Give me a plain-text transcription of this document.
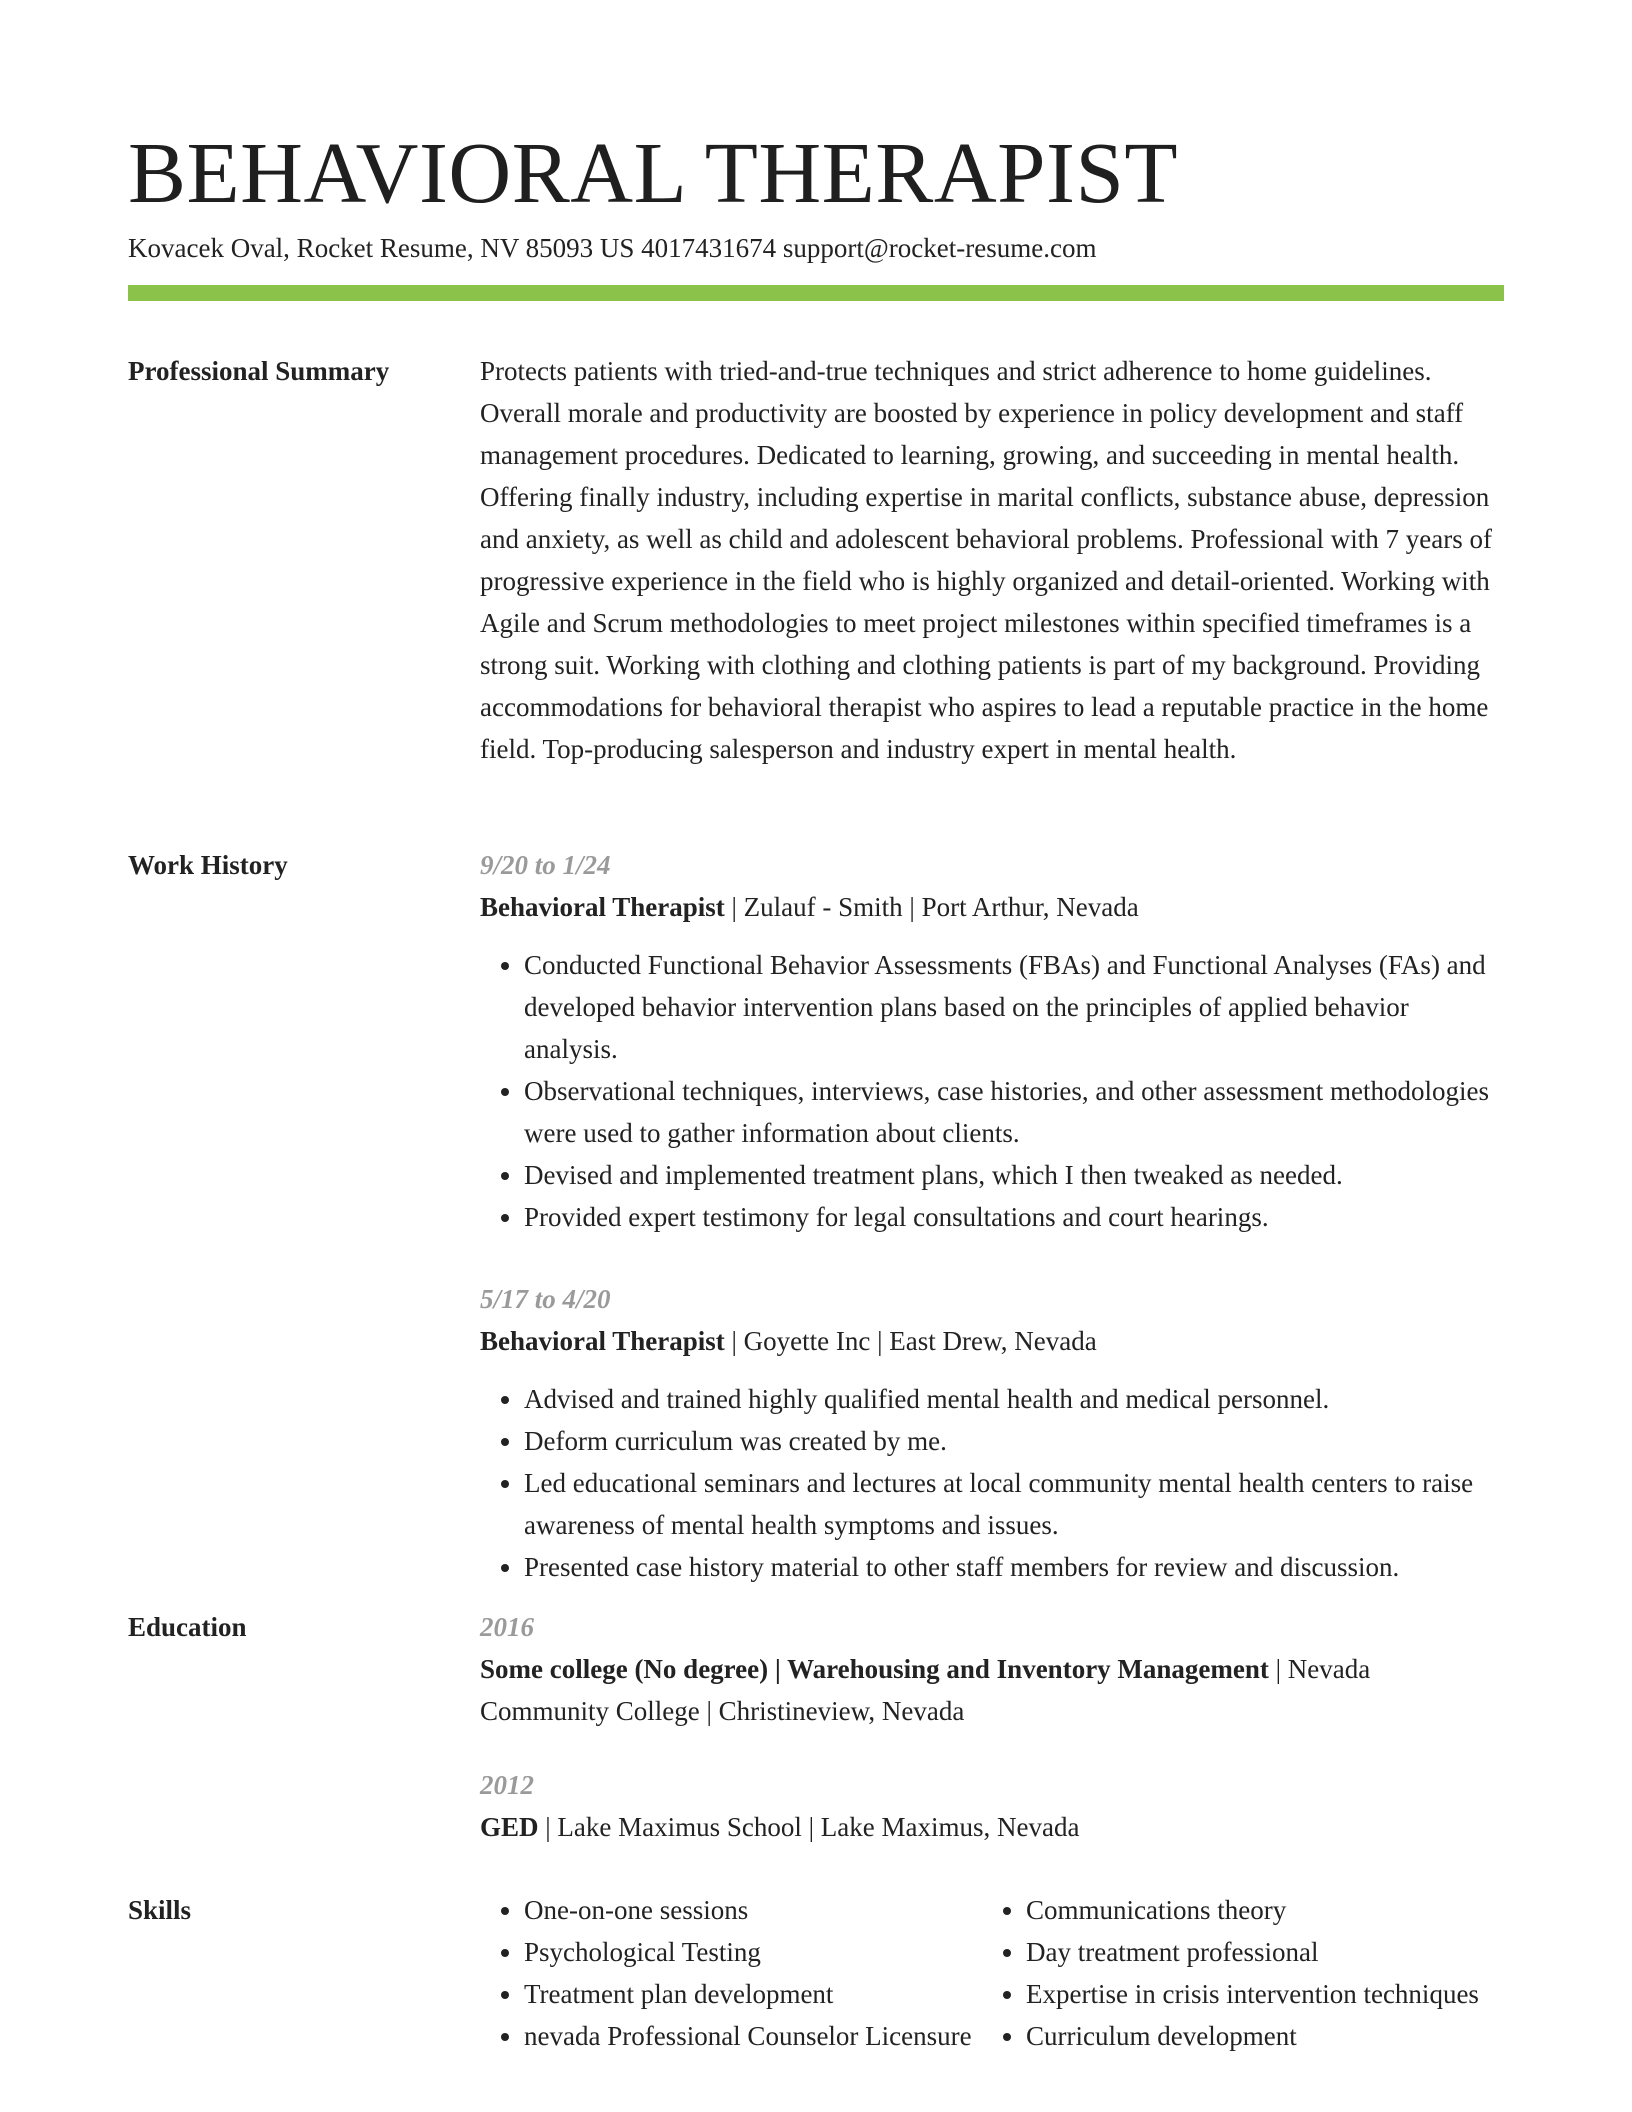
BEHAVIORAL THERAPIST
Kovacek Oval, Rocket Resume, NV 85093 US 4017431674 support@rocket-resume.com
Professional Summary	Protects patients with tried-and-true techniques and strict adherence to home guidelines. Overall morale and productivity are boosted by experience in policy development and staff management procedures. Dedicated to learning, growing, and succeeding in mental health. Offering finally industry, including expertise in marital conflicts, substance abuse, depression and anxiety, as well as child and adolescent behavioral problems. Professional with 7 years of progressive experience in the field who is highly organized and detail-oriented. Working with Agile and Scrum methodologies to meet project milestones within specified timeframes is a strong suit. Working with clothing and clothing patients is part of my background. Providing accommodations for behavioral therapist who aspires to lead a reputable practice in the home field. Top-producing salesperson and industry expert in mental health.

Work History	9/20 to 1/24
Behavioral Therapist | Zulauf - Smith | Port Arthur, Nevada
• Conducted Functional Behavior Assessments (FBAs) and Functional Analyses (FAs) and developed behavior intervention plans based on the principles of applied behavior analysis.
• Observational techniques, interviews, case histories, and other assessment methodologies were used to gather information about clients.
• Devised and implemented treatment plans, which I then tweaked as needed.
• Provided expert testimony for legal consultations and court hearings.
5/17 to 4/20
Behavioral Therapist | Goyette Inc | East Drew, Nevada
• Advised and trained highly qualified mental health and medical personnel.
• Deform curriculum was created by me.
• Led educational seminars and lectures at local community mental health centers to raise awareness of mental health symptoms and issues.
• Presented case history material to other staff members for review and discussion.
Education	2016
Some college (No degree) | Warehousing and Inventory Management | Nevada Community College | Christineview, Nevada
2012
GED | Lake Maximus School | Lake Maximus, Nevada
Skills
•	One-on-one sessions
• Psychological Testing
• Treatment plan development
• nevada Professional Counselor Licensure
• Communications theory
• Day treatment professional
• Expertise in crisis intervention techniques
• Curriculum development
